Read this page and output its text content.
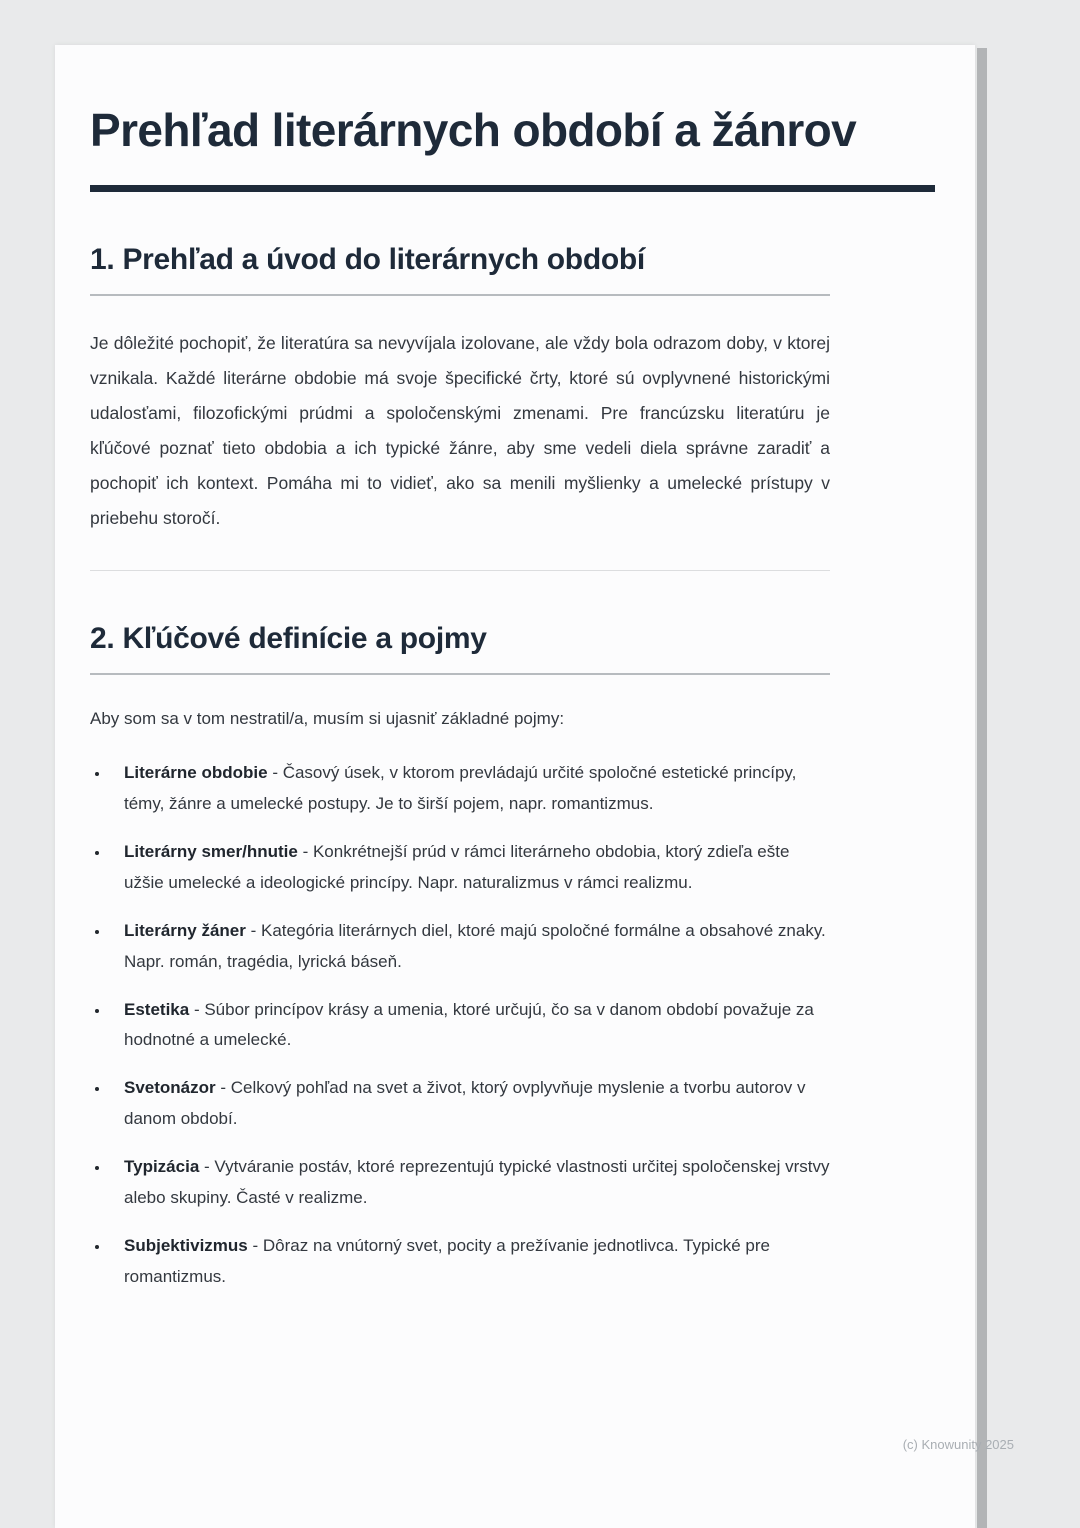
Prehľad literárnych období a žánrov
1. Prehľad a úvod do literárnych období

Je dôležité pochopiť, že literatúra sa nevyvíjala izolovane, ale vždy bola odrazom doby, v ktorej vznikala. Každé literárne obdobie má svoje špecifické črty, ktoré sú ovplyvnené historickými udalosťami, filozofickými prúdmi a spoločenskými zmenami. Pre francúzsku literatúru je kľúčové poznať tieto obdobia a ich typické žánre, aby sme vedeli diela správne zaradiť a pochopiť ich kontext. Pomáha mi to vidieť, ako sa menili myšlienky a umelecké prístupy v priebehu storočí.

2. Kľúčové definície a pojmy

Aby som sa v tom nestratil/a, musím si ujasniť základné pojmy:

• Literárne obdobie - Časový úsek, v ktorom prevládajú určité spoločné estetické princípy, témy, žánre a umelecké postupy. Je to širší pojem, napr. romantizmus.
• Literárny smer/hnutie - Konkrétnejší prúd v rámci literárneho obdobia, ktorý zdieľa ešte užšie umelecké a ideologické princípy. Napr. naturalizmus v rámci realizmu.
• Literárny žáner - Kategória literárnych diel, ktoré majú spoločné formálne a obsahové znaky. Napr. román, tragédia, lyrická báseň.
• Estetika - Súbor princípov krásy a umenia, ktoré určujú, čo sa v danom období považuje za hodnotné a umelecké.
• Svetonázor - Celkový pohľad na svet a život, ktorý ovplyvňuje myslenie a tvorbu autorov v danom období.
• Typizácia - Vytváranie postáv, ktoré reprezentujú typické vlastnosti určitej spoločenskej vrstvy alebo skupiny. Časté v realizme.
• Subjektivizmus - Dôraz na vnútorný svet, pocity a prežívanie jednotlivca. Typické pre romantizmus.
(c) Knowunity 2025
